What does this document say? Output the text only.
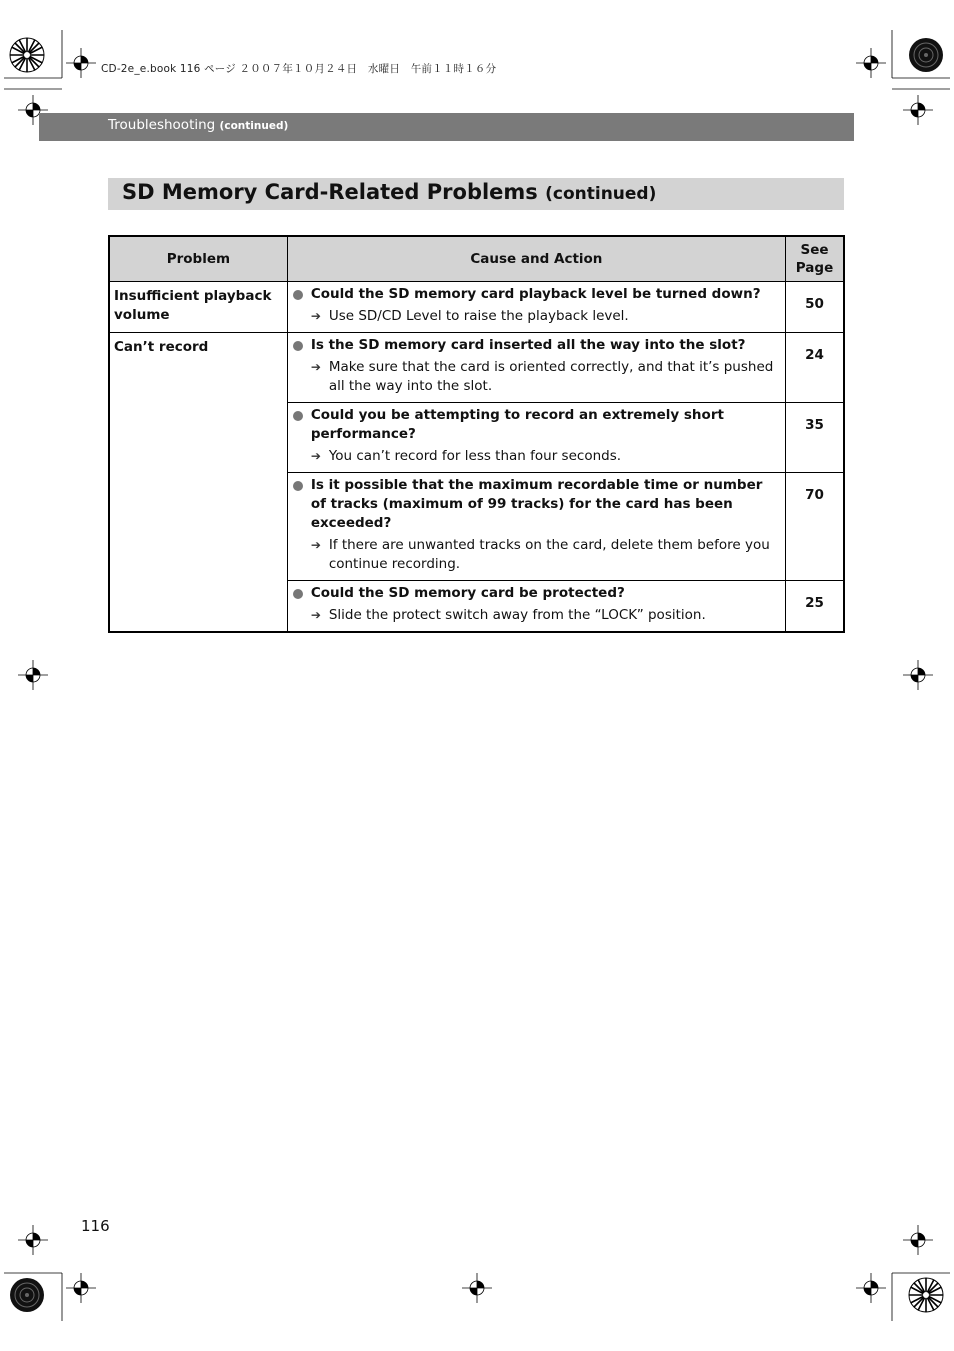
CD-2e_e.book 116 ページ ２００７年１０月２４日　水曜日　午前１１時１６分
Troubleshooting (continued)
SD Memory Card-Related Problems (continued)
Problem	Cause and Action	See Page

Insufficient playback volume	Could the SD memory card playback level be turned down?
➔ Use SD/CD Level to raise the playback level.	50

Can’t record	Is the SD memory card inserted all the way into the slot?
➔ Make sure that the card is oriented correctly, and that it’s pushed all the way into the slot.	24

	Could you be attempting to record an extremely short performance?
➔ You can’t record for less than four seconds.	35

	Is it possible that the maximum recordable time or number of tracks (maximum of 99 tracks) for the card has been exceeded?
➔ If there are unwanted tracks on the card, delete them before you continue recording.	70

	Could the SD memory card be protected?
➔ Slide the protect switch away from the “LOCK” position.	25
116
